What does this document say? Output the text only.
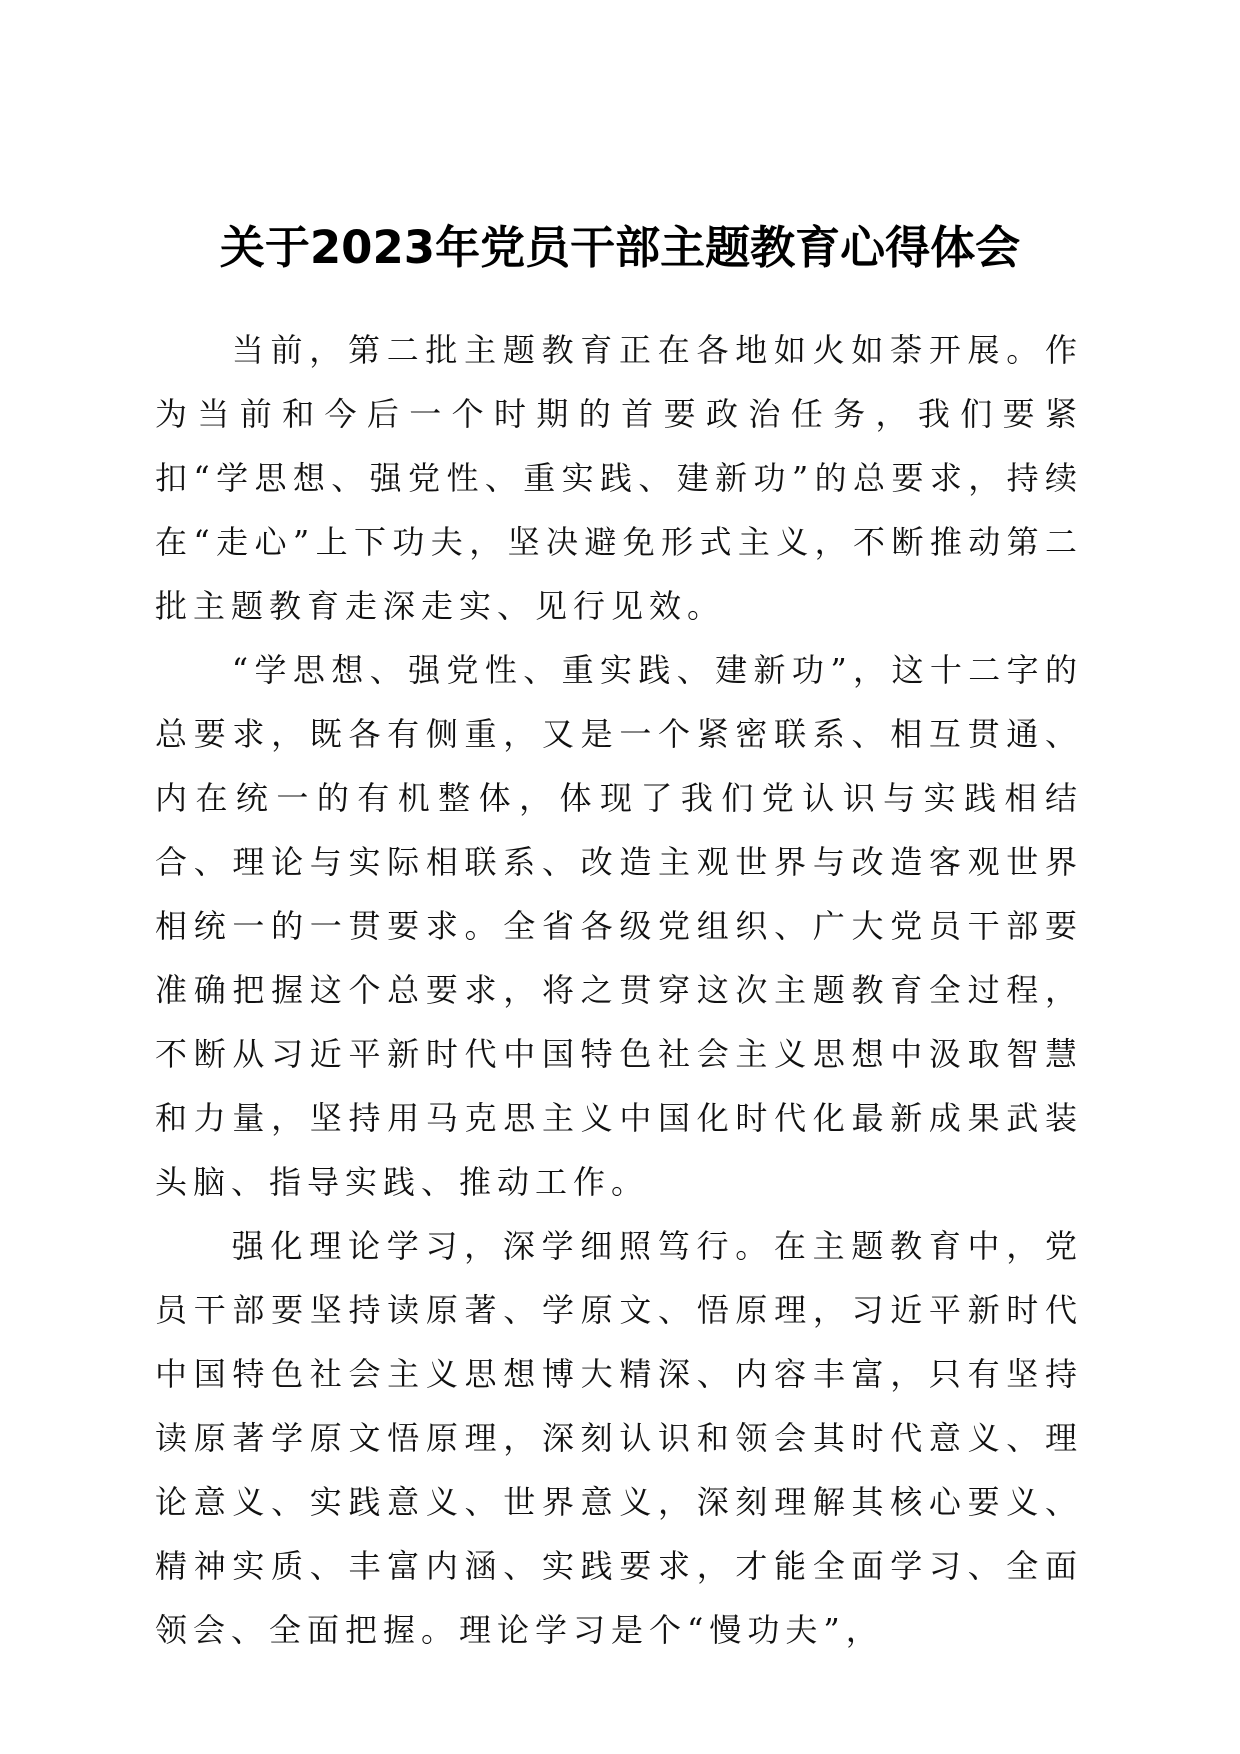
关于2023年党员干部主题教育心得体会

当前，第二批主题教育正在各地如火如荼开展。作为当前和今后一个时期的首要政治任务，我们要紧扣“学思想、强党性、重实践、建新功”的总要求，持续在“走心”上下功夫，坚决避免形式主义，不断推动第二批主题教育走深走实、见行见效。

“学思想、强党性、重实践、建新功”，这十二字的总要求，既各有侧重，又是一个紧密联系、相互贯通、内在统一的有机整体，体现了我们党认识与实践相结合、理论与实际相联系、改造主观世界与改造客观世界相统一的一贯要求。全省各级党组织、广大党员干部要准确把握这个总要求，将之贯穿这次主题教育全过程，不断从习近平新时代中国特色社会主义思想中汲取智慧和力量，坚持用马克思主义中国化时代化最新成果武装头脑、指导实践、推动工作。

强化理论学习，深学细照笃行。在主题教育中，党员干部要坚持读原著、学原文、悟原理，习近平新时代中国特色社会主义思想博大精深、内容丰富，只有坚持读原著学原文悟原理，深刻认识和领会其时代意义、理论意义、实践意义、世界意义，深刻理解其核心要义、精神实质、丰富内涵、实践要求，才能全面学习、全面领会、全面把握。理论学习是个“慢功夫”，
